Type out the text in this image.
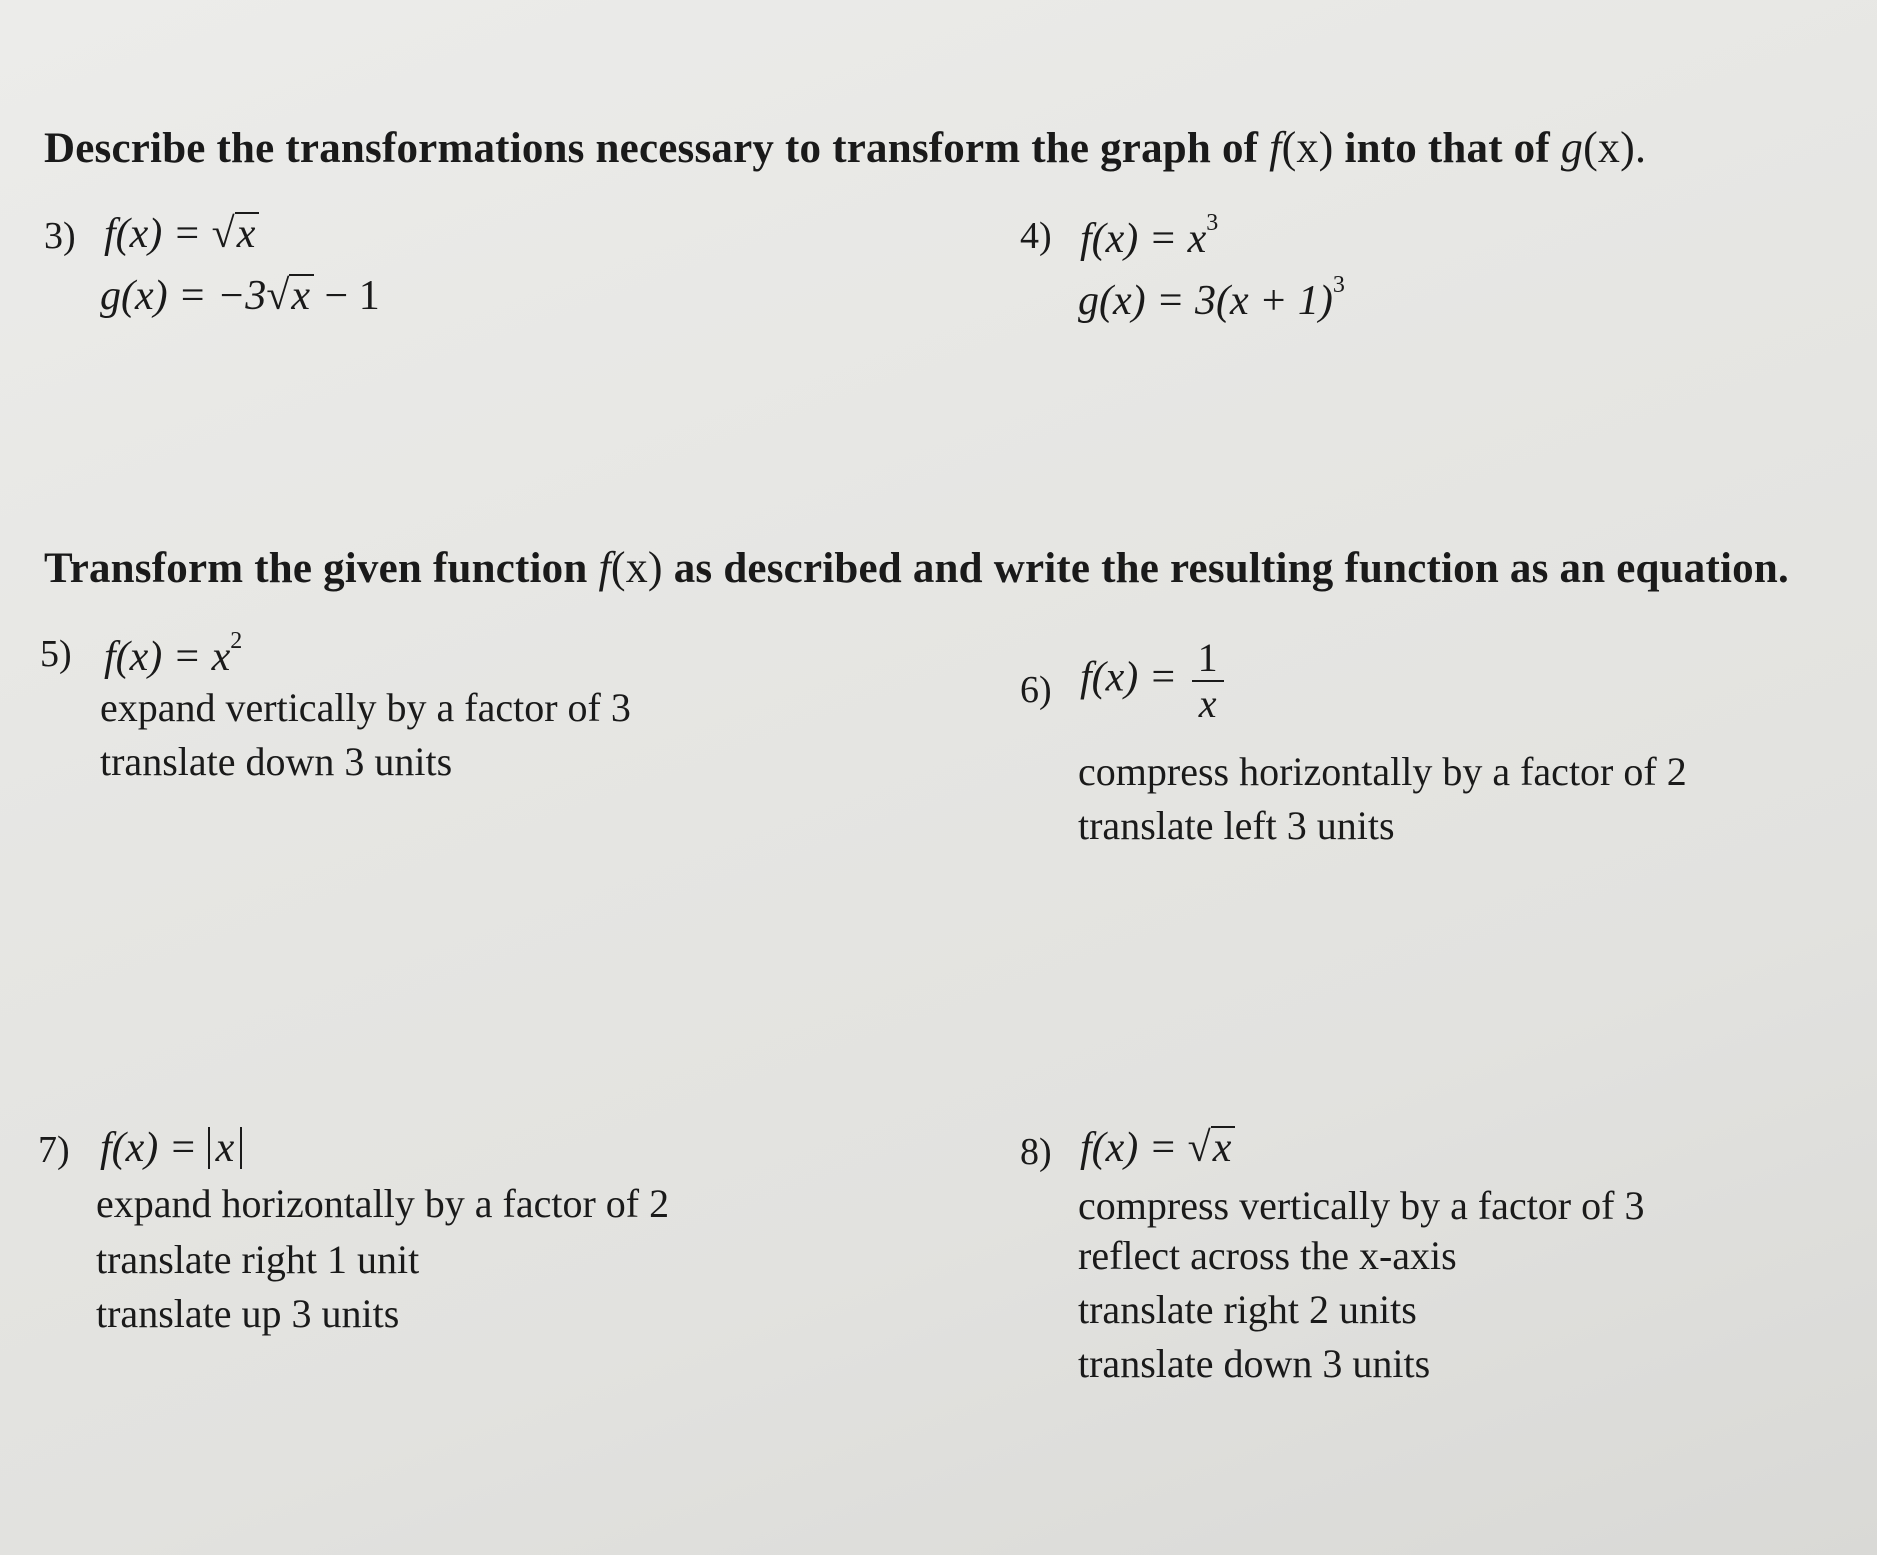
Describe the transformations necessary to transform the graph of f(x) into that of g(x).
3) f(x) = √x
g(x) = −3√x − 1
4) $f(x) = x^3$
$g(x) = 3(x + 1)^3$
Transform the given function f(x) as described and write the resulting function as an equation.
5) $f(x) = x^2$
expand vertically by a factor of 3
translate down 3 units
6) $f(x) = \frac{1}{x}$
compress horizontally by a factor of 2
translate left 3 units
7) f(x) = x
expand horizontally by a factor of 2
translate right 1 unit
translate up 3 units
8) f(x) = √x
compress vertically by a factor of 3
reflect across the x-axis
translate right 2 units
translate down 3 units
